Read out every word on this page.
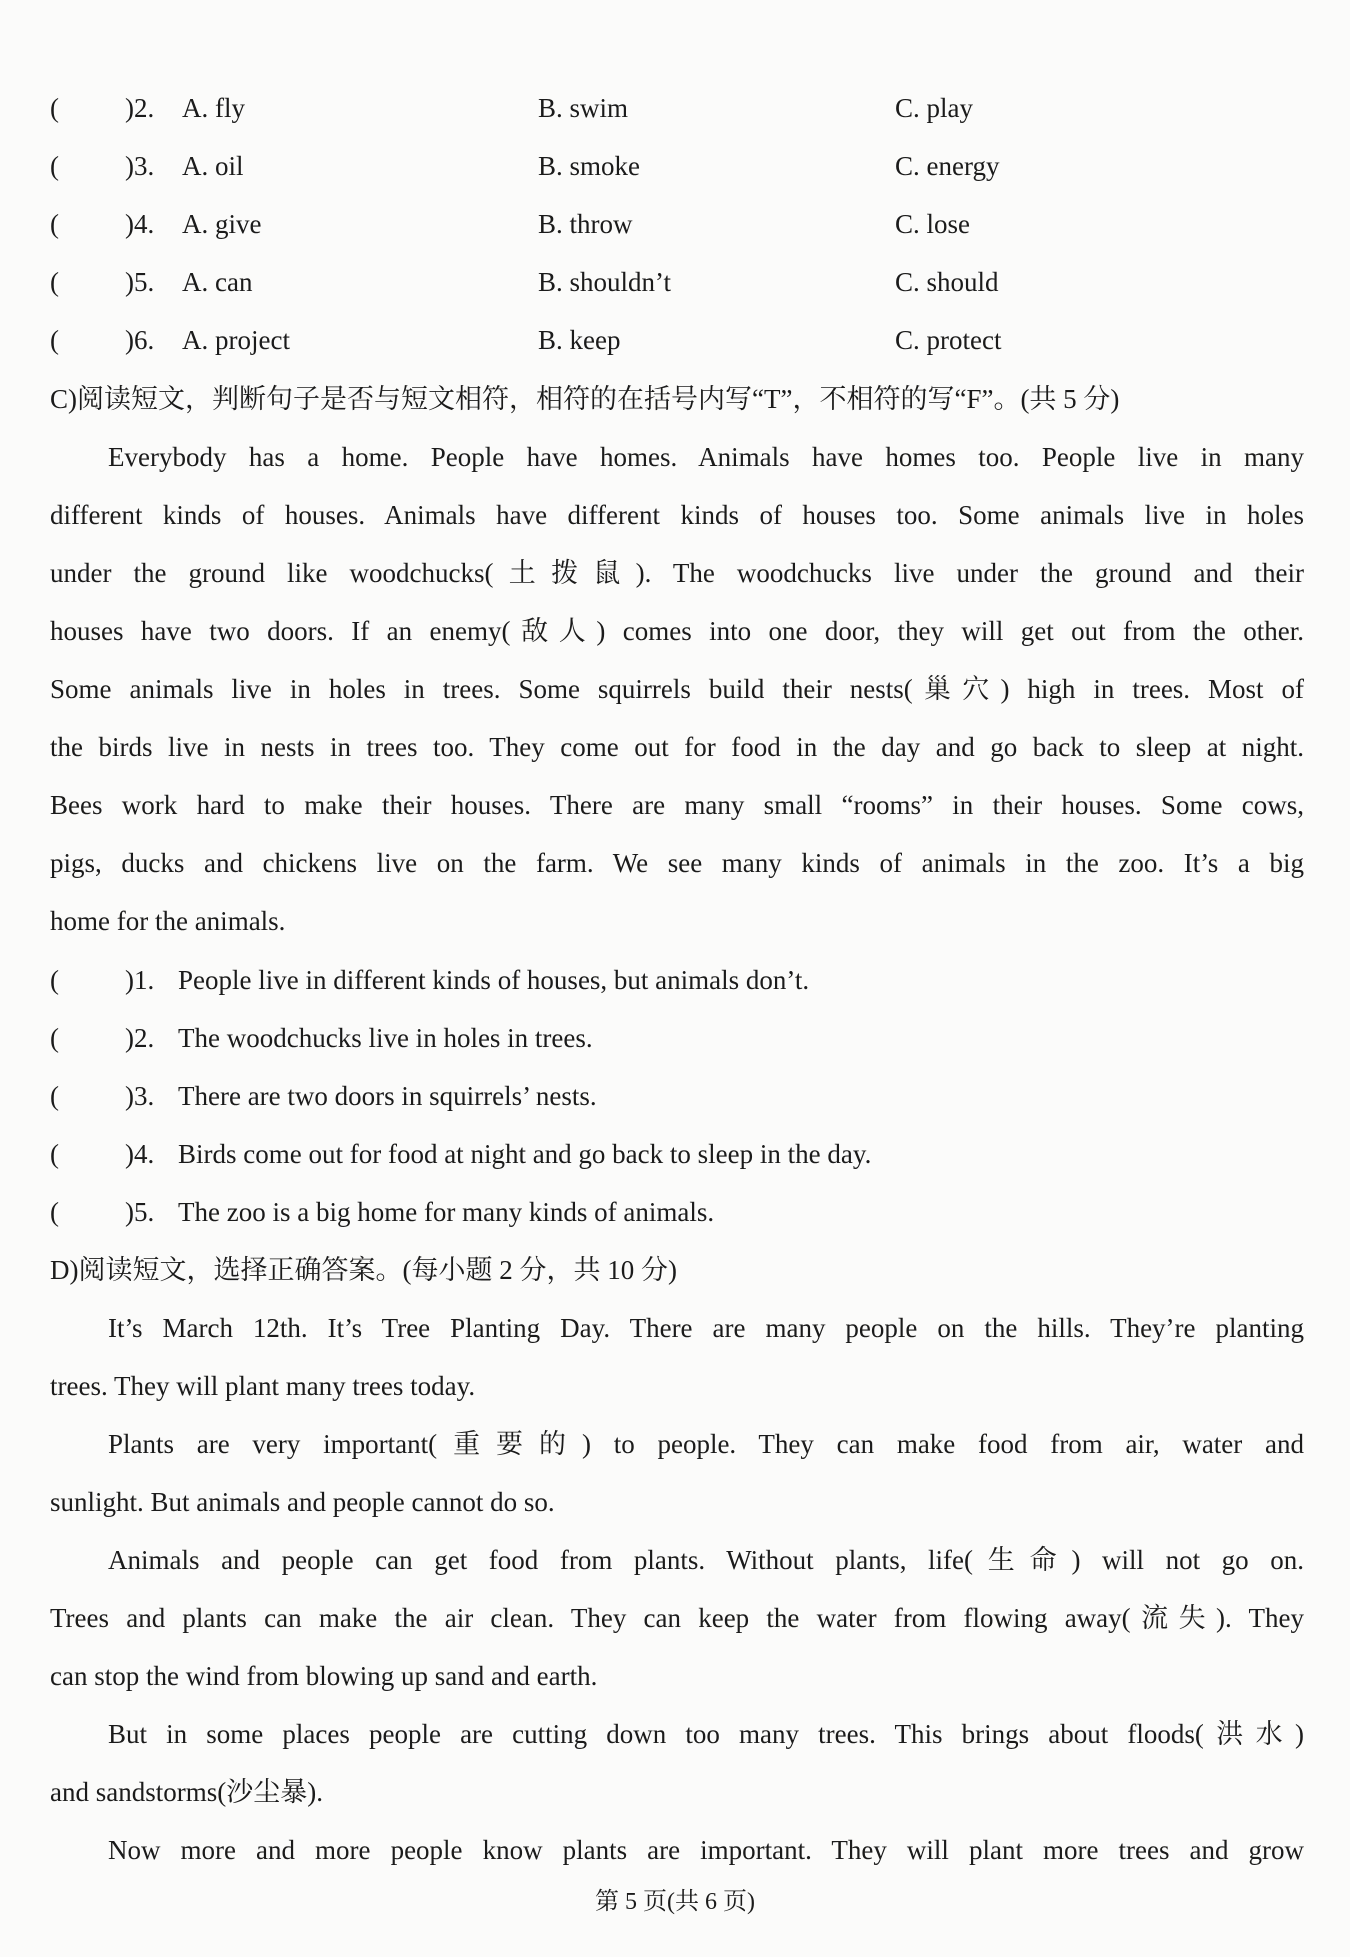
( )2. A. fly	B. swim	C. play
( )3. A. oil	B. smoke	C. energy
( )4. A. give	B. throw	C. lose
( )5. A. can	B. shouldn’t	C. should
( )6. A. project	B. keep	C. protect
C)阅读短文，判断句子是否与短文相符，相符的在括号内写“T”，不相符的写“F”。(共 5 分)
Everybody has a home. People have homes. Animals have homes too. People live in many
different kinds of houses. Animals have different kinds of houses too. Some animals live in holes
under the ground like woodchucks(土拨鼠). The woodchucks live under the ground and their
houses have two doors. If an enemy(敌人) comes into one door, they will get out from the other.
Some animals live in holes in trees. Some squirrels build their nests(巢穴) high in trees. Most of
the birds live in nests in trees too. They come out for food in the day and go back to sleep at night.
Bees work hard to make their houses. There are many small “rooms” in their houses. Some cows,
pigs, ducks and chickens live on the farm. We see many kinds of animals in the zoo. It’s a big
home for the animals.
( )1. People live in different kinds of houses, but animals don’t.
( )2. The woodchucks live in holes in trees.
( )3. There are two doors in squirrels’ nests.
( )4. Birds come out for food at night and go back to sleep in the day.
( )5. The zoo is a big home for many kinds of animals.
D)阅读短文，选择正确答案。(每小题 2 分，共 10 分)
It’s March 12th. It’s Tree Planting Day. There are many people on the hills. They’re planting
trees. They will plant many trees today.
Plants are very important(重要的) to people. They can make food from air, water and
sunlight. But animals and people cannot do so.
Animals and people can get food from plants. Without plants, life(生命) will not go on.
Trees and plants can make the air clean. They can keep the water from flowing away(流失). They
can stop the wind from blowing up sand and earth.
But in some places people are cutting down too many trees. This brings about floods(洪水)
and sandstorms(沙尘暴).
Now more and more people know plants are important. They will plant more trees and grow
第 5 页(共 6 页)
